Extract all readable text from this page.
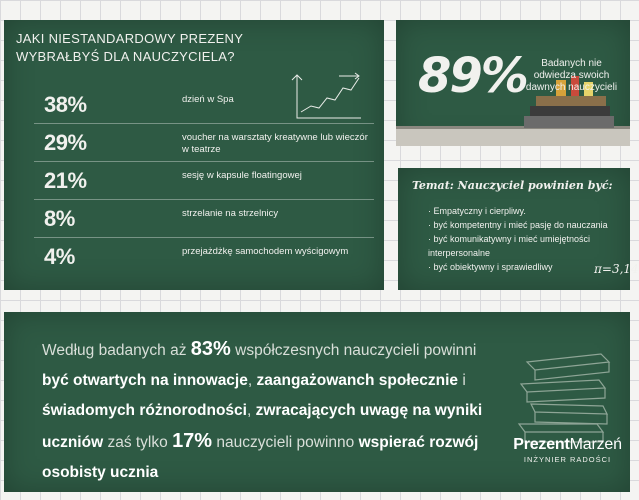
JAKI NIESTANDARDOWY PREZENY WYBRAŁBYŚ DLA NAUCZYCIELA?
38%	dzień w Spa
29%	voucher na warsztaty kreatywne lub wieczór w teatrze
21%	sesję w kapsule floatingowej
8%	strzelanie na strzelnicy
4%	przejażdżkę samochodem wyścigowym
89%	Badanych nie odwiedza swoich dawnych nauczycieli
Temat: Nauczyciel powinien być:
· Empatyczny i cierpliwy.
· być kompetentny i mieć pasję do nauczania
· być komunikatywny i mieć umiejętności interpersonalne
· być obiektywny i sprawiedliwy	π=3,14
Według badanych aż 83% współczesnych nauczycieli powinni być otwartych na innowacje, zaangażowanch społecznie i świadomych różnorodności, zwracających uwagę na wyniki uczniów zaś tylko 17% nauczycieli powinno wspierać rozwój osobisty ucznia
PrezentMarzeń
INŻYNIER RADOŚCI
